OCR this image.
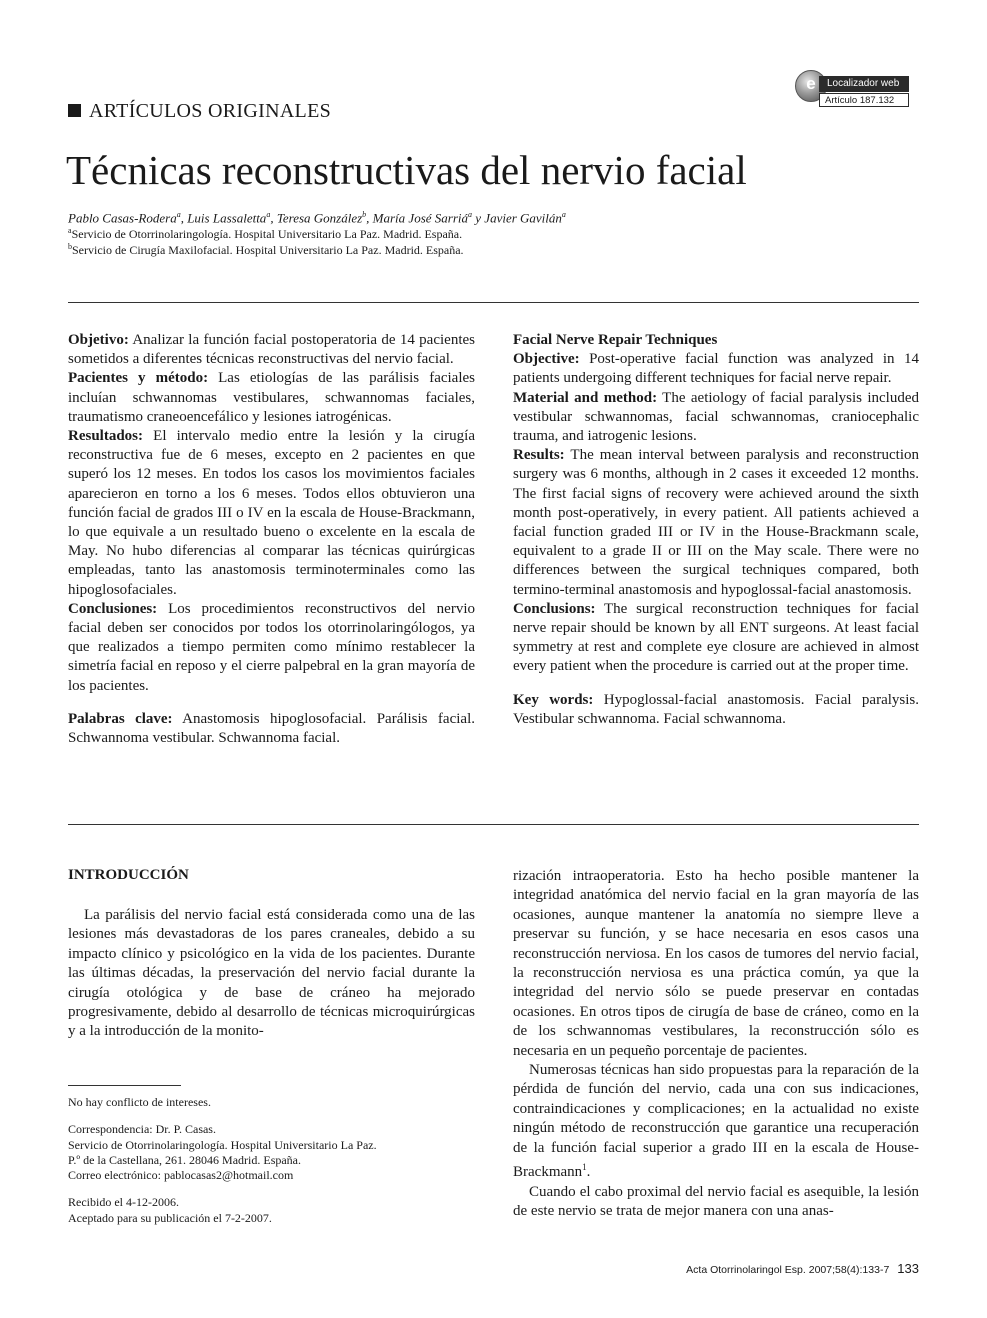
e	Localizador web
Artículo 187.132
ARTÍCULOS ORIGINALES
Técnicas reconstructivas del nervio facial
Pablo Casas-Rodera$^a$, Luis Lassaletta$^a$, Teresa González$^b$, María José Sarriá$^a$ y Javier Gavilán$^a$
$^a$Servicio de Otorrinolaringología. Hospital Universitario La Paz. Madrid. España.
$^b$Servicio de Cirugía Maxilofacial. Hospital Universitario La Paz. Madrid. España.

Objetivo: Analizar la función facial postoperatoria de 14 pacientes sometidos a diferentes técnicas reconstructivas del nervio facial.

Pacientes y método: Las etiologías de las parálisis faciales incluían schwannomas vestibulares, schwannomas faciales, traumatismo craneoencefálico y lesiones iatrogénicas.

Resultados: El intervalo medio entre la lesión y la cirugía reconstructiva fue de 6 meses, excepto en 2 pacientes en que superó los 12 meses. En todos los casos los movimientos faciales aparecieron en torno a los 6 meses. Todos ellos obtuvieron una función facial de grados III o IV en la escala de House-Brackmann, lo que equivale a un resultado bueno o excelente en la escala de May. No hubo diferencias al comparar las técnicas quirúrgicas empleadas, tanto las anastomosis terminoterminales como las hipoglosofaciales.

Conclusiones: Los procedimientos reconstructivos del nervio facial deben ser conocidos por todos los otorrinolaringólogos, ya que realizados a tiempo permiten como mínimo restablecer la simetría facial en reposo y el cierre palpebral en la gran mayoría de los pacientes.

Palabras clave: Anastomosis hipoglosofacial. Parálisis facial. Schwannoma vestibular. Schwannoma facial.

Facial Nerve Repair Techniques

Objective: Post-operative facial function was analyzed in 14 patients undergoing different techniques for facial nerve repair.

Material and method: The aetiology of facial paralysis included vestibular schwannomas, facial schwannomas, craniocephalic trauma, and iatrogenic lesions.

Results: The mean interval between paralysis and reconstruction surgery was 6 months, although in 2 cases it exceeded 12 months. The first facial signs of recovery were achieved around the sixth month post-operatively, in every patient. All patients achieved a facial function graded III or IV in the House-Brackmann scale, equivalent to a grade II or III on the May scale. There were no differences between the surgical techniques compared, both termino-terminal anastomosis and hypoglossal-facial anastomosis.

Conclusions: The surgical reconstruction techniques for facial nerve repair should be known by all ENT surgeons. At least facial symmetry at rest and complete eye closure are achieved in almost every patient when the procedure is carried out at the proper time.

Key words: Hypoglossal-facial anastomosis. Facial paralysis. Vestibular schwannoma. Facial schwannoma.

INTRODUCCIÓN

La parálisis del nervio facial está considerada como una de las lesiones más devastadoras de los pares craneales, debido a su impacto clínico y psicológico en la vida de los pacientes. Durante las últimas décadas, la preservación del nervio facial durante la cirugía otológica y de base de cráneo ha mejorado progresivamente, debido al desarrollo de técnicas microquirúrgicas y a la introducción de la monito-

rización intraoperatoria. Esto ha hecho posible mantener la integridad anatómica del nervio facial en la gran mayoría de las ocasiones, aunque mantener la anatomía no siempre lleve a preservar su función, y se hace necesaria en esos casos una reconstrucción nerviosa. En los casos de tumores del nervio facial, la reconstrucción nerviosa es una práctica común, ya que la integridad del nervio sólo se puede preservar en contadas ocasiones. En otros tipos de cirugía de base de cráneo, como en la de los schwannomas vestibulares, la reconstrucción sólo es necesaria en un pequeño porcentaje de pacientes.

Numerosas técnicas han sido propuestas para la reparación de la pérdida de función del nervio, cada una con sus indicaciones, contraindicaciones y complicaciones; en la actualidad no existe ningún método de reconstrucción que garantice una recuperación de la función facial superior a grado III en la escala de House-Brackmann$^1$.

Cuando el cabo proximal del nervio facial es asequible, la lesión de este nervio se trata de mejor manera con una anas-

No hay conflicto de intereses.

Correspondencia: Dr. P. Casas.

Servicio de Otorrinolaringología. Hospital Universitario La Paz.

P.º de la Castellana, 261. 28046 Madrid. España.

Correo electrónico: pablocasas2@hotmail.com

Recibido el 4-12-2006.

Aceptado para su publicación el 7-2-2007.

Acta Otorrinolaringol Esp. 2007;58(4):133-7 133
